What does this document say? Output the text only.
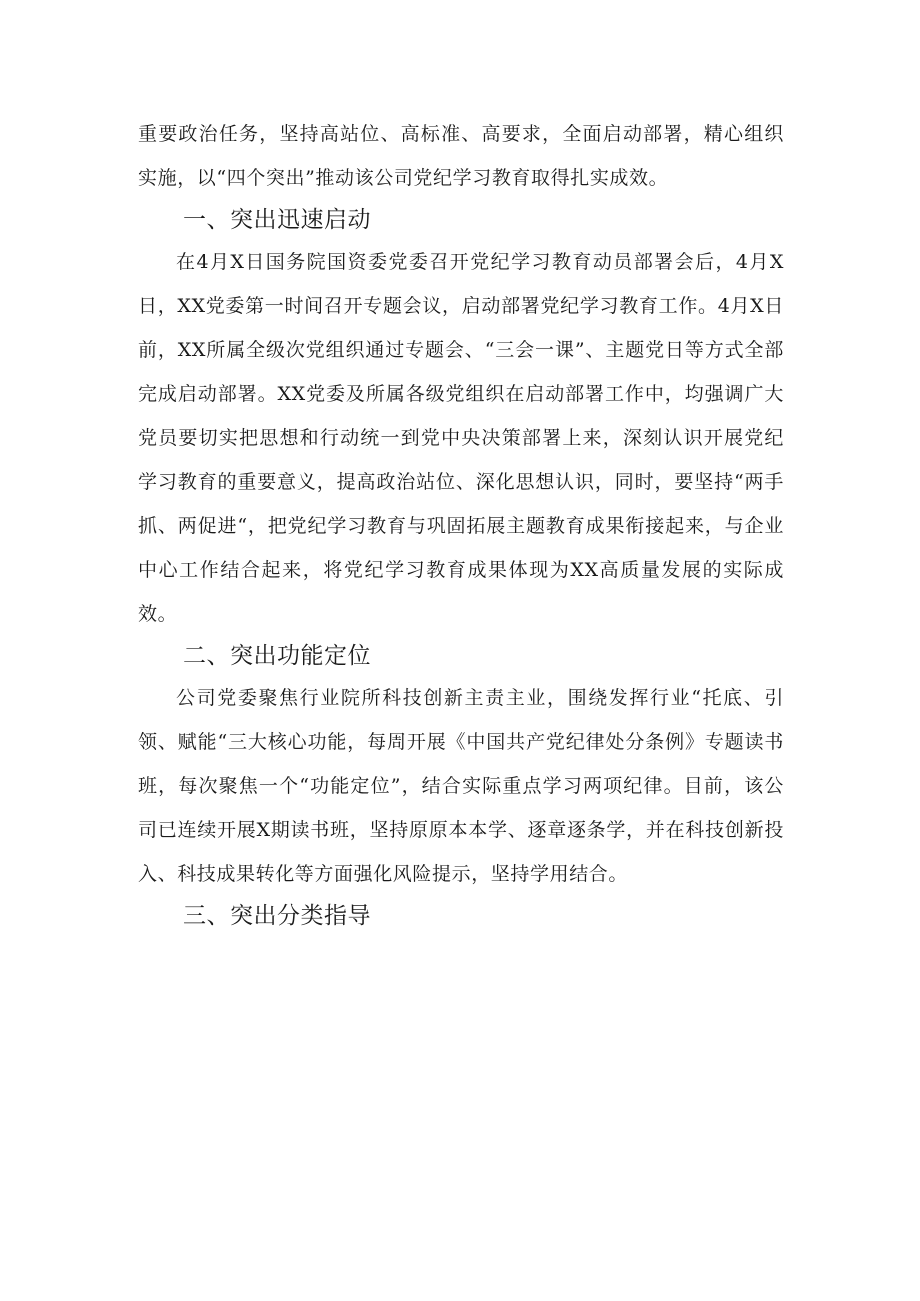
重要政治任务，坚持高站位、高标准、高要求，全面启动部署，精心组织实施，以“四个突出”推动该公司党纪学习教育取得扎实成效。

一、突出迅速启动

在4月X日国务院国资委党委召开党纪学习教育动员部署会后，4月X日，XX党委第一时间召开专题会议，启动部署党纪学习教育工作。4月X日前，XX所属全级次党组织通过专题会、“三会一课”、主题党日等方式全部完成启动部署。XX党委及所属各级党组织在启动部署工作中，均强调广大党员要切实把思想和行动统一到党中央决策部署上来，深刻认识开展党纪学习教育的重要意义，提高政治站位、深化思想认识，同时，要坚持“两手抓、两促进“，把党纪学习教育与巩固拓展主题教育成果衔接起来，与企业中心工作结合起来，将党纪学习教育成果体现为XX高质量发展的实际成效。

二、突出功能定位

公司党委聚焦行业院所科技创新主责主业，围绕发挥行业“托底、引领、赋能“三大核心功能，每周开展《中国共产党纪律处分条例》专题读书班，每次聚焦一个“功能定位”，结合实际重点学习两项纪律。目前，该公司已连续开展X期读书班，坚持原原本本学、逐章逐条学，并在科技创新投入、科技成果转化等方面强化风险提示，坚持学用结合。

三、突出分类指导
